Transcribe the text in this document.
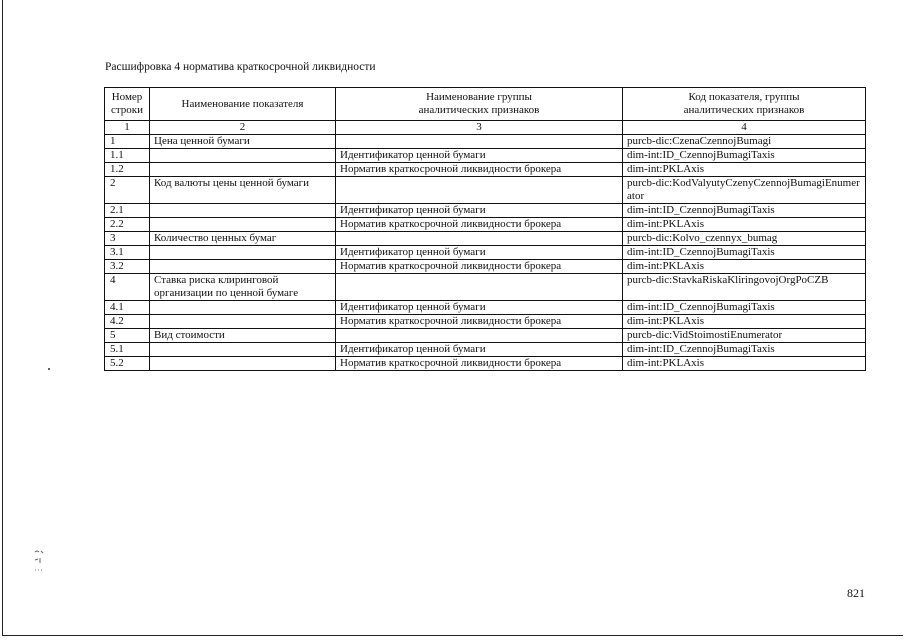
Расшифровка 4 норматива краткосрочной ликвидности
Номер строки	Наименование показателя	Наименование группы аналитических признаков	Код показателя, группы аналитических признаков
1	2	3	4
1	Цена ценной бумаги		purcb-dic:CzenaCzennojBumagi
1.1		Идентификатор ценной бумаги	dim-int:ID_CzennojBumagiTaxis
1.2		Норматив краткосрочной ликвидности брокера	dim-int:PKLAxis
2	Код валюты цены ценной бумаги		purcb-dic:KodValyutyCzenyCzennojBumagiEnumerator
2.1		Идентификатор ценной бумаги	dim-int:ID_CzennojBumagiTaxis
2.2		Норматив краткосрочной ликвидности брокера	dim-int:PKLAxis
3	Количество ценных бумаг		purcb-dic:Kolvo_czennyx_bumag
3.1		Идентификатор ценной бумаги	dim-int:ID_CzennojBumagiTaxis
3.2		Норматив краткосрочной ликвидности брокера	dim-int:PKLAxis
4	Ставка риска клиринговой организации по ценной бумаге		purcb-dic:StavkaRiskaKliringovojOrgPoCZB
4.1		Идентификатор ценной бумаги	dim-int:ID_CzennojBumagiTaxis
4.2		Норматив краткосрочной ликвидности брокера	dim-int:PKLAxis
5	Вид стоимости		purcb-dic:VidStoimostiEnumerator
5.1		Идентификатор ценной бумаги	dim-int:ID_CzennojBumagiTaxis
5.2		Норматив краткосрочной ликвидности брокера	dim-int:PKLAxis
821
